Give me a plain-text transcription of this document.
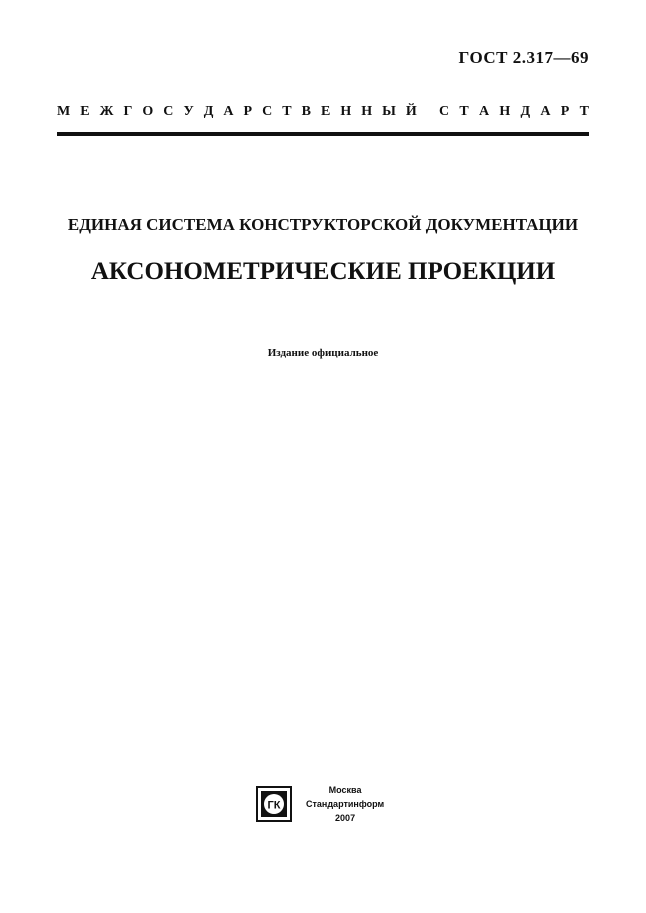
ГОСТ 2.317—69
М Е Ж Г О С У Д А Р С Т В Е Н Н Ы Й С Т А Н Д А Р Т
ЕДИНАЯ СИСТЕМА КОНСТРУКТОРСКОЙ ДОКУМЕНТАЦИИ
АКСОНОМЕТРИЧЕСКИЕ ПРОЕКЦИИ
Издание официальное
ГК
Москва
Стандартинформ
2007
